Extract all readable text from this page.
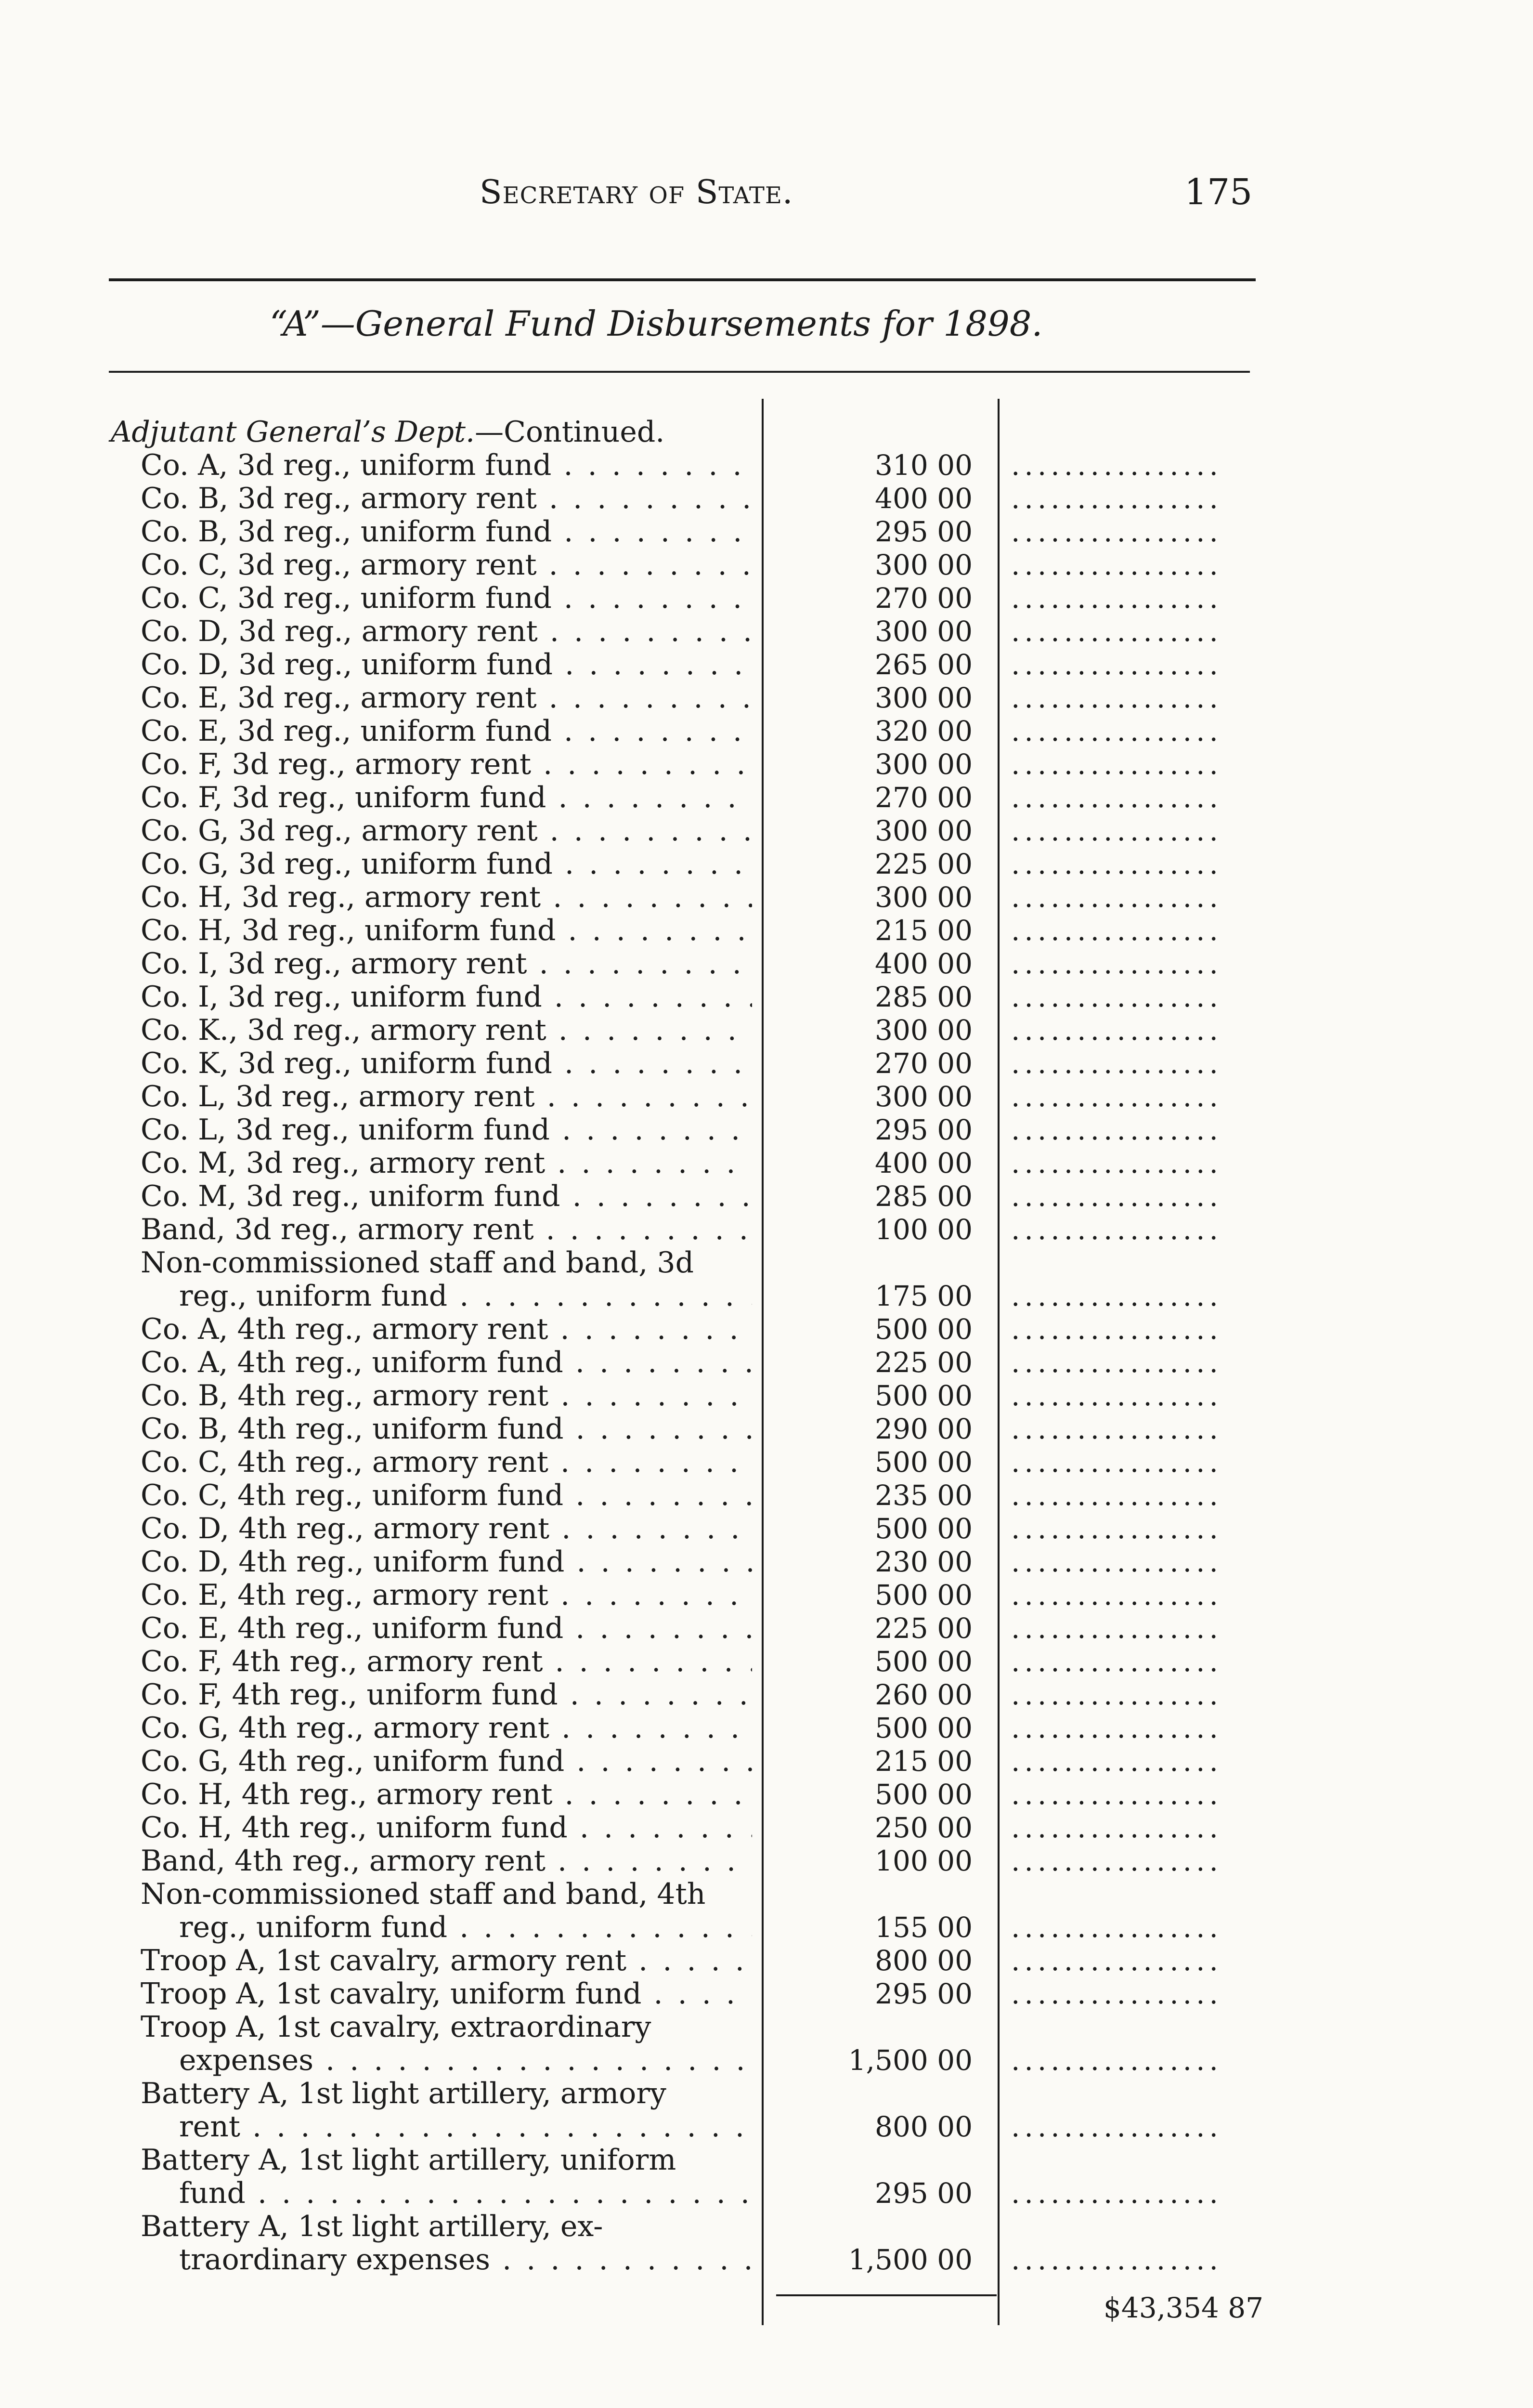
Secretary of State.	175
“A”—General Fund Disbursements for 1898.
Adjutant General’s Dept.—Continued.
Co. A, 3d reg., uniform fund . . .	310 00 ................
Co. B, 3d reg., armory rent . . .	400 00 ................
Co. B, 3d reg., uniform fund . . .	295 00 ................
Co. C, 3d reg., armory rent . . .	300 00 ................
Co. C, 3d reg., uniform fund . . .	270 00 ................
Co. D, 3d reg., armory rent . . .	300 00 ................
Co. D, 3d reg., uniform fund . . .	265 00 ................
Co. E, 3d reg., armory rent . . .	300 00 ................
Co. E, 3d reg., uniform fund . . .	320 00 ................
Co. F, 3d reg., armory rent . . .	300 00 ................
Co. F, 3d reg., uniform fund . . .	270 00 ................
Co. G, 3d reg., armory rent . . .	300 00 ................
Co. G, 3d reg., uniform fund . . .	225 00 ................
Co. H, 3d reg., armory rent . . .	300 00 ................
Co. H, 3d reg., uniform fund . . .	215 00 ................
Co. I, 3d reg., armory rent . . .	400 00 ................
Co. I, 3d reg., uniform fund . . .	285 00 ................
Co. K., 3d reg., armory rent . . .	300 00 ................
Co. K, 3d reg., uniform fund . . .	270 00 ................
Co. L, 3d reg., armory rent . . .	300 00 ................
Co. L, 3d reg., uniform fund . . .	295 00 ................
Co. M, 3d reg., armory rent . . .	400 00 ................
Co. M, 3d reg., uniform fund . . .	285 00 ................
Band, 3d reg., armory rent . . .	100 00 ................
Non-commissioned staff and band, 3d
reg., uniform fund . . .	175 00 ................
Co. A, 4th reg., armory rent . . .	500 00 ................
Co. A, 4th reg., uniform fund . . .	225 00 ................
Co. B, 4th reg., armory rent . . .	500 00 ................
Co. B, 4th reg., uniform fund . . .	290 00 ................
Co. C, 4th reg., armory rent . . .	500 00 ................
Co. C, 4th reg., uniform fund . . .	235 00 ................
Co. D, 4th reg., armory rent . . .	500 00 ................
Co. D, 4th reg., uniform fund . . .	230 00 ................
Co. E, 4th reg., armory rent . . .	500 00 ................
Co. E, 4th reg., uniform fund . . .	225 00 ................
Co. F, 4th reg., armory rent . . .	500 00 ................
Co. F, 4th reg., uniform fund . . .	260 00 ................
Co. G, 4th reg., armory rent . . .	500 00 ................
Co. G, 4th reg., uniform fund . . .	215 00 ................
Co. H, 4th reg., armory rent . . .	500 00 ................
Co. H, 4th reg., uniform fund . . .	250 00 ................
Band, 4th reg., armory rent . . .	100 00 ................
Non-commissioned staff and band, 4th
reg., uniform fund . . .	155 00 ................
Troop A, 1st cavalry, armory rent . . .	800 00 ................
Troop A, 1st cavalry, uniform fund . . .	295 00 ................
Troop A, 1st cavalry, extraordinary
expenses . . .	1,500 00 ................
Battery A, 1st light artillery, armory
rent . . .	800 00 ................
Battery A, 1st light artillery, uniform
fund . . .	295 00 ................
Battery A, 1st light artillery, ex-
traordinary expenses . . .	1,500 00 ................
$43,354 87
